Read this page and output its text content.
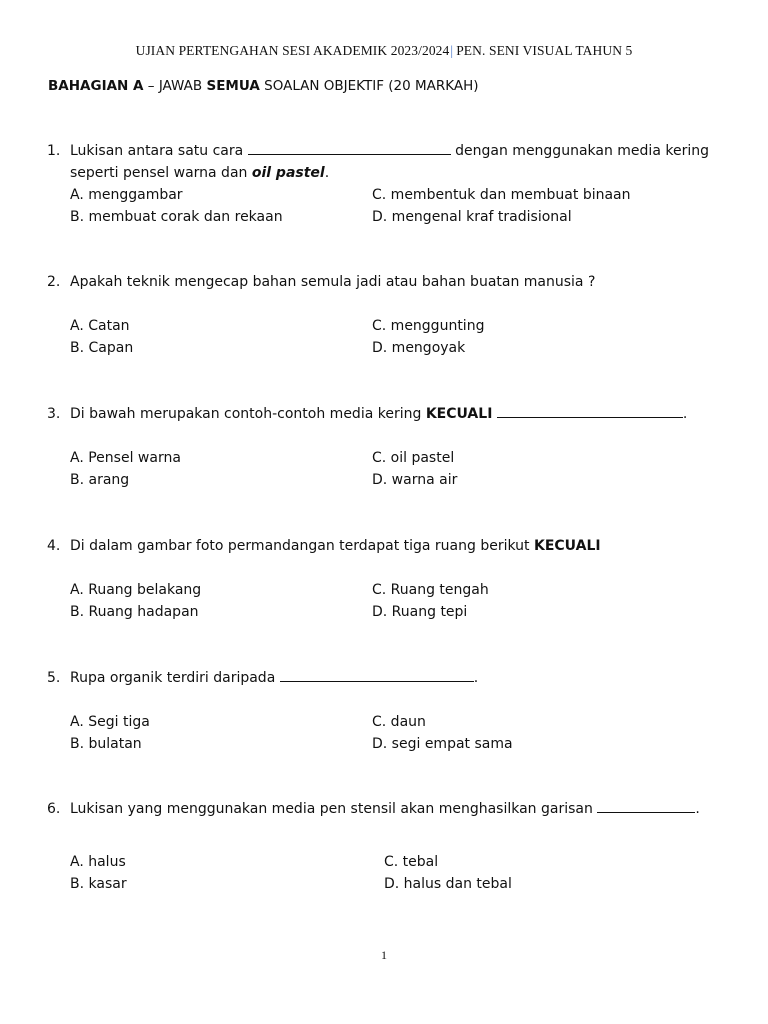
UJIAN PERTENGAHAN SESI AKADEMIK 2023/2024| PEN. SENI VISUAL TAHUN 5
BAHAGIAN A – JAWAB SEMUA SOALAN OBJEKTIF (20 MARKAH)
1. Lukisan antara satu cara	dengan menggunakan media kering
seperti pensel warna dan oil pastel.
A. menggambar
B. membuat corak dan rekaan
C. membentuk dan membuat binaan
D. mengenal kraf tradisional
2. Apakah teknik mengecap bahan semula jadi atau bahan buatan manusia ?
A. Catan
B. Capan
C. menggunting
D. mengoyak
3. Di bawah merupakan contoh-contoh media kering KECUALI	.
A. Pensel warna
B. arang
C. oil pastel
D. warna air
4. Di dalam gambar foto permandangan terdapat tiga ruang berikut KECUALI
A. Ruang belakang
B. Ruang hadapan
C. Ruang tengah
D. Ruang tepi
5. Rupa organik terdiri daripada	.
A. Segi tiga
B. bulatan
C. daun
D. segi empat sama
6. Lukisan yang menggunakan media pen stensil akan menghasilkan garisan	.
A. halus
B. kasar
C. tebal
D. halus dan tebal
1
